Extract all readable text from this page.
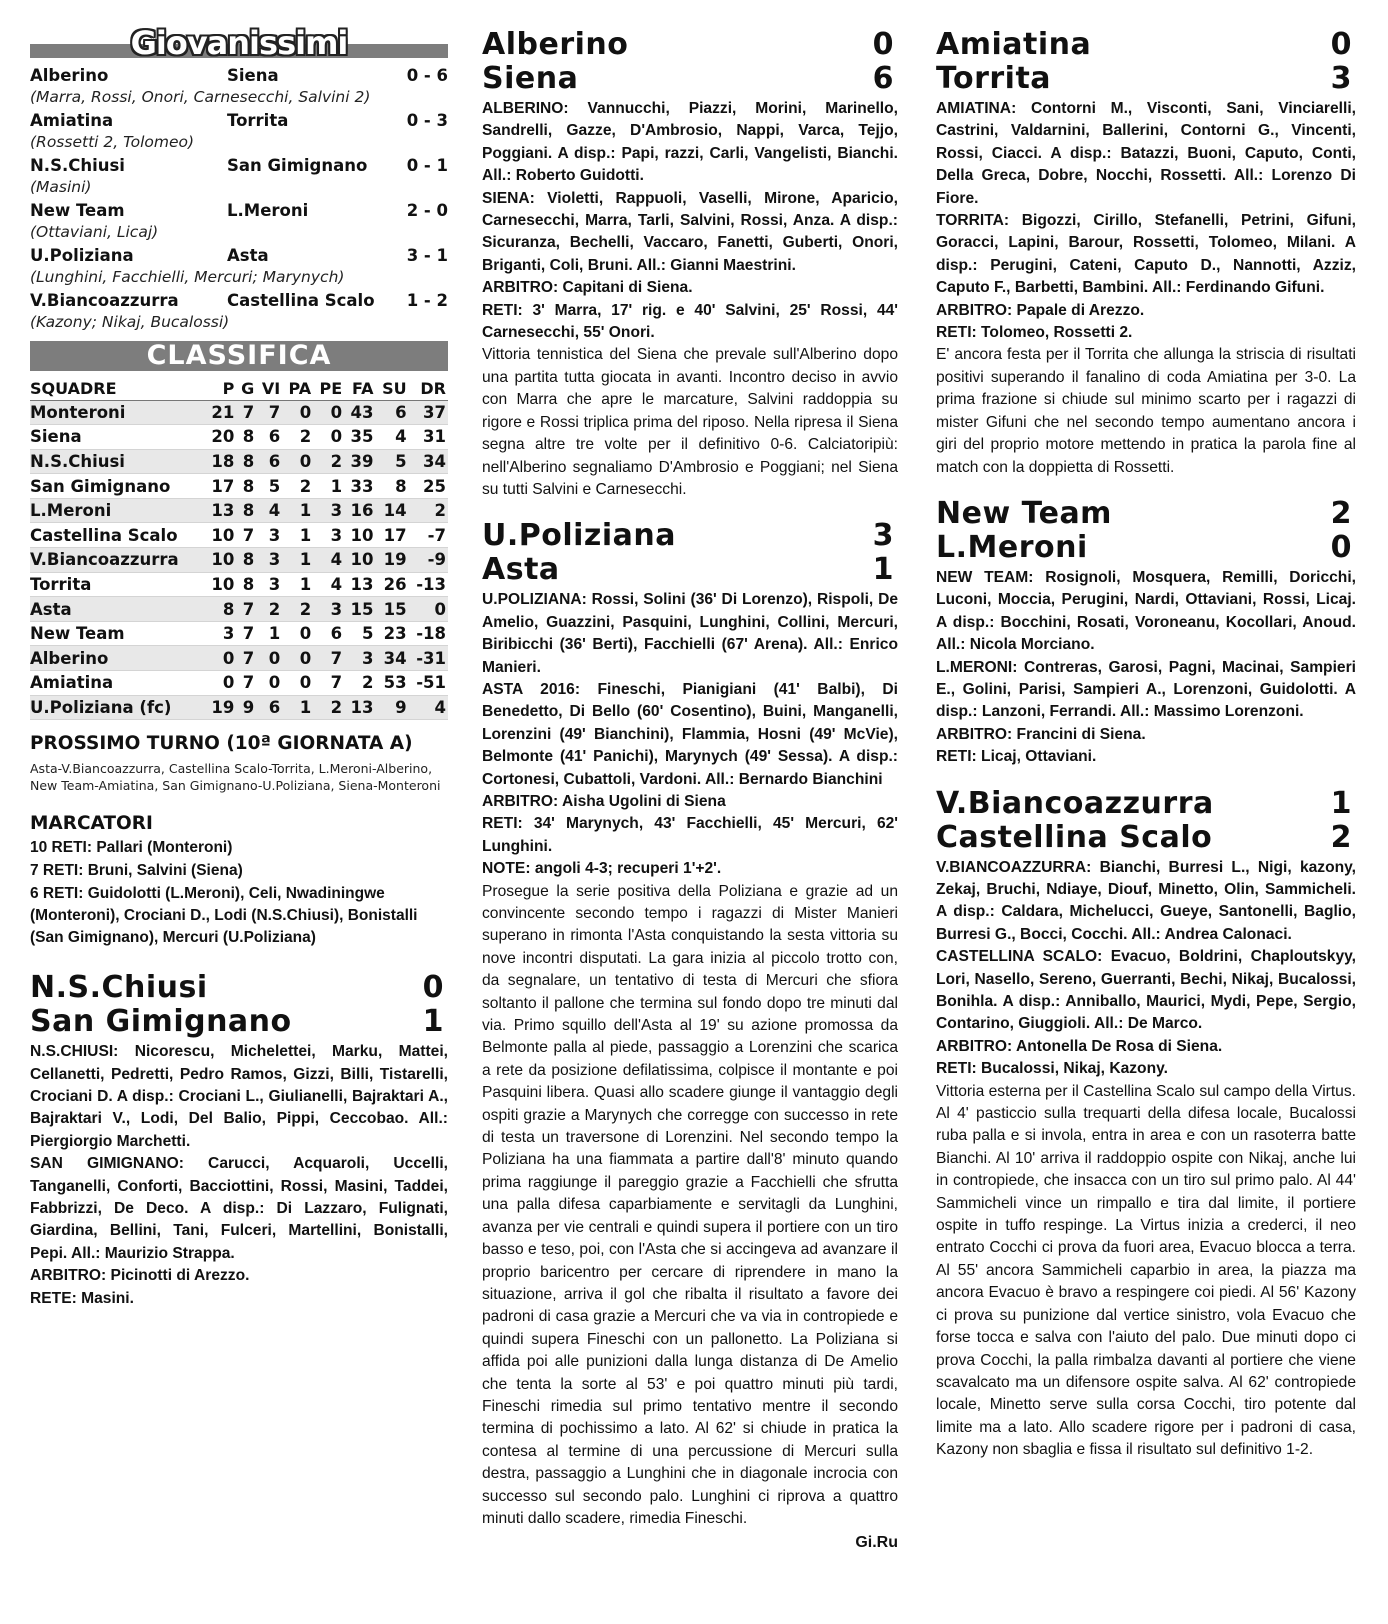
Giovanissimi
Alberino	Siena	0 - 6
(Marra, Rossi, Onori, Carnesecchi, Salvini 2)
Amiatina	Torrita	0 - 3
(Rossetti 2, Tolomeo)
N.S.Chiusi	San Gimignano	0 - 1
(Masini)
New Team	L.Meroni	2 - 0
(Ottaviani, Licaj)
U.Poliziana	Asta	3 - 1
(Lunghini, Facchielli, Mercuri; Marynych)
V.Biancoazzurra	Castellina Scalo	1 - 2
(Kazony; Nikaj, Bucalossi)
CLASSIFICA
SQUADRE	P	G	VI	PA	PE	FA	SU	DR
Monteroni	21	7	7	0	0	43	6	37
Siena	20	8	6	2	0	35	4	31
N.S.Chiusi	18	8	6	0	2	39	5	34
San Gimignano	17	8	5	2	1	33	8	25
L.Meroni	13	8	4	1	3	16	14	2
Castellina Scalo	10	7	3	1	3	10	17	-7
V.Biancoazzurra	10	8	3	1	4	10	19	-9
Torrita	10	8	3	1	4	13	26	-13
Asta	8	7	2	2	3	15	15	0
New Team	3	7	1	0	6	5	23	-18
Alberino	0	7	0	0	7	3	34	-31
Amiatina	0	7	0	0	7	2	53	-51
U.Poliziana (fc)	19	9	6	1	2	13	9	4
PROSSIMO TURNO (10ª GIORNATA A)
Asta-V.Biancoazzurra, Castellina Scalo-Torrita, L.Meroni-Alberino, New Team-Amiatina, San Gimignano-U.Poliziana, Siena-Monteroni
MARCATORI
10 RETI: Pallari (Monteroni)
7 RETI: Bruni, Salvini (Siena)
6 RETI: Guidolotti (L.Meroni), Celi, Nwadiningwe (Monteroni), Crociani D., Lodi (N.S.Chiusi), Bonistalli (San Gimignano), Mercuri (U.Poliziana)
N.S.Chiusi	0
San Gimignano	1
N.S.CHIUSI: Nicorescu, Michelettei, Marku, Mattei, Cellanetti, Pedretti, Pedro Ramos, Gizzi, Billi, Tistarelli, Crociani D. A disp.: Crociani L., Giulianelli, Bajraktari A., Bajraktari V., Lodi, Del Balio, Pippi, Ceccobao. All.: Piergiorgio Marchetti.
SAN GIMIGNANO: Carucci, Acquaroli, Uccelli, Tanganelli, Conforti, Bacciottini, Rossi, Masini, Taddei, Fabbrizzi, De Deco. A disp.: Di Lazzaro, Fulignati, Giardina, Bellini, Tani, Fulceri, Martellini, Bonistalli, Pepi. All.: Maurizio Strappa.
ARBITRO: Picinotti di Arezzo.
RETE: Masini.
Alberino	0
Siena	6
ALBERINO: Vannucchi, Piazzi, Morini, Marinello, Sandrelli, Gazze, D'Ambrosio, Nappi, Varca, Tejjo, Poggiani. A disp.: Papi, razzi, Carli, Vangelisti, Bianchi. All.: Roberto Guidotti.
SIENA: Violetti, Rappuoli, Vaselli, Mirone, Aparicio, Carnesecchi, Marra, Tarli, Salvini, Rossi, Anza. A disp.: Sicuranza, Bechelli, Vaccaro, Fanetti, Guberti, Onori, Briganti, Coli, Bruni. All.: Gianni Maestrini.
ARBITRO: Capitani di Siena.
RETI: 3' Marra, 17' rig. e 40' Salvini, 25' Rossi, 44' Carnesecchi, 55' Onori.
Vittoria tennistica del Siena che prevale sull'Alberino dopo una partita tutta giocata in avanti. Incontro deciso in avvio con Marra che apre le marcature, Salvini raddoppia su rigore e Rossi triplica prima del riposo. Nella ripresa il Siena segna altre tre volte per il definitivo 0-6. Calciatoripiù: nell'Alberino segnaliamo D'Ambrosio e Poggiani; nel Siena su tutti Salvini e Carnesecchi.
U.Poliziana	3
Asta	1
U.POLIZIANA: Rossi, Solini (36' Di Lorenzo), Rispoli, De Amelio, Guazzini, Pasquini, Lunghini, Collini, Mercuri, Biribicchi (36' Berti), Facchielli (67' Arena). All.: Enrico Manieri.
ASTA 2016: Fineschi, Pianigiani (41' Balbi), Di Benedetto, Di Bello (60' Cosentino), Buini, Manganelli, Lorenzini (49' Bianchini), Flammia, Hosni (49' McVie), Belmonte (41' Panichi), Marynych (49' Sessa). A disp.: Cortonesi, Cubattoli, Vardoni. All.: Bernardo Bianchini
ARBITRO: Aisha Ugolini di Siena
RETI: 34' Marynych, 43' Facchielli, 45' Mercuri, 62' Lunghini.
NOTE: angoli 4-3; recuperi 1'+2'.
Prosegue la serie positiva della Poliziana e grazie ad un convincente secondo tempo i ragazzi di Mister Manieri superano in rimonta l'Asta conquistando la sesta vittoria su nove incontri disputati. La gara inizia al piccolo trotto con, da segnalare, un tentativo di testa di Mercuri che sfiora soltanto il pallone che termina sul fondo dopo tre minuti dal via. Primo squillo dell'Asta al 19' su azione promossa da Belmonte palla al piede, passaggio a Lorenzini che scarica a rete da posizione defilatissima, colpisce il montante e poi Pasquini libera. Quasi allo scadere giunge il vantaggio degli ospiti grazie a Marynych che corregge con successo in rete di testa un traversone di Lorenzini. Nel secondo tempo la Poliziana ha una fiammata a partire dall'8' minuto quando prima raggiunge il pareggio grazie a Facchielli che sfrutta una palla difesa caparbiamente e servitagli da Lunghini, avanza per vie centrali e quindi supera il portiere con un tiro basso e teso, poi, con l'Asta che si accingeva ad avanzare il proprio baricentro per cercare di riprendere in mano la situazione, arriva il gol che ribalta il risultato a favore dei padroni di casa grazie a Mercuri che va via in contropiede e quindi supera Fineschi con un pallonetto. La Poliziana si affida poi alle punizioni dalla lunga distanza di De Amelio che tenta la sorte al 53' e poi quattro minuti più tardi, Fineschi rimedia sul primo tentativo mentre il secondo termina di pochissimo a lato. Al 62' si chiude in pratica la contesa al termine di una percussione di Mercuri sulla destra, passaggio a Lunghini che in diagonale incrocia con successo sul secondo palo. Lunghini ci riprova a quattro minuti dallo scadere, rimedia Fineschi.
Gi.Ru
Amiatina	0
Torrita	3
AMIATINA: Contorni M., Visconti, Sani, Vinciarelli, Castrini, Valdarnini, Ballerini, Contorni G., Vincenti, Rossi, Ciacci. A disp.: Batazzi, Buoni, Caputo, Conti, Della Greca, Dobre, Nocchi, Rossetti. All.: Lorenzo Di Fiore.
TORRITA: Bigozzi, Cirillo, Stefanelli, Petrini, Gifuni, Goracci, Lapini, Barour, Rossetti, Tolomeo, Milani. A disp.: Perugini, Cateni, Caputo D., Nannotti, Azziz, Caputo F., Barbetti, Bambini. All.: Ferdinando Gifuni.
ARBITRO: Papale di Arezzo.
RETI: Tolomeo, Rossetti 2.
E' ancora festa per il Torrita che allunga la striscia di risultati positivi superando il fanalino di coda Amiatina per 3-0. La prima frazione si chiude sul minimo scarto per i ragazzi di mister Gifuni che nel secondo tempo aumentano ancora i giri del proprio motore mettendo in pratica la parola fine al match con la doppietta di Rossetti.
New Team	2
L.Meroni	0
NEW TEAM: Rosignoli, Mosquera, Remilli, Doricchi, Luconi, Moccia, Perugini, Nardi, Ottaviani, Rossi, Licaj. A disp.: Bocchini, Rosati, Voroneanu, Kocollari, Anoud. All.: Nicola Morciano.
L.MERONI: Contreras, Garosi, Pagni, Macinai, Sampieri E., Golini, Parisi, Sampieri A., Lorenzoni, Guidolotti. A disp.: Lanzoni, Ferrandi. All.: Massimo Lorenzoni.
ARBITRO: Francini di Siena.
RETI: Licaj, Ottaviani.
V.Biancoazzurra	1
Castellina Scalo	2
V.BIANCOAZZURRA: Bianchi, Burresi L., Nigi, kazony, Zekaj, Bruchi, Ndiaye, Diouf, Minetto, Olin, Sammicheli. A disp.: Caldara, Michelucci, Gueye, Santonelli, Baglio, Burresi G., Bocci, Cocchi. All.: Andrea Calonaci.
CASTELLINA SCALO: Evacuo, Boldrini, Chaploutskyy, Lori, Nasello, Sereno, Guerranti, Bechi, Nikaj, Bucalossi, Bonihla. A disp.: Anniballo, Maurici, Mydi, Pepe, Sergio, Contarino, Giuggioli. All.: De Marco.
ARBITRO: Antonella De Rosa di Siena.
RETI: Bucalossi, Nikaj, Kazony.
Vittoria esterna per il Castellina Scalo sul campo della Virtus. Al 4' pasticcio sulla trequarti della difesa locale, Bucalossi ruba palla e si invola, entra in area e con un rasoterra batte Bianchi. Al 10' arriva il raddoppio ospite con Nikaj, anche lui in contropiede, che insacca con un tiro sul primo palo. Al 44' Sammicheli vince un rimpallo e tira dal limite, il portiere ospite in tuffo respinge. La Virtus inizia a crederci, il neo entrato Cocchi ci prova da fuori area, Evacuo blocca a terra. Al 55' ancora Sammicheli caparbio in area, la piazza ma ancora Evacuo è bravo a respingere coi piedi. Al 56' Kazony ci prova su punizione dal vertice sinistro, vola Evacuo che forse tocca e salva con l'aiuto del palo. Due minuti dopo ci prova Cocchi, la palla rimbalza davanti al portiere che viene scavalcato ma un difensore ospite salva. Al 62' contropiede locale, Minetto serve sulla corsa Cocchi, tiro potente dal limite ma a lato. Allo scadere rigore per i padroni di casa, Kazony non sbaglia e fissa il risultato sul definitivo 1-2.
